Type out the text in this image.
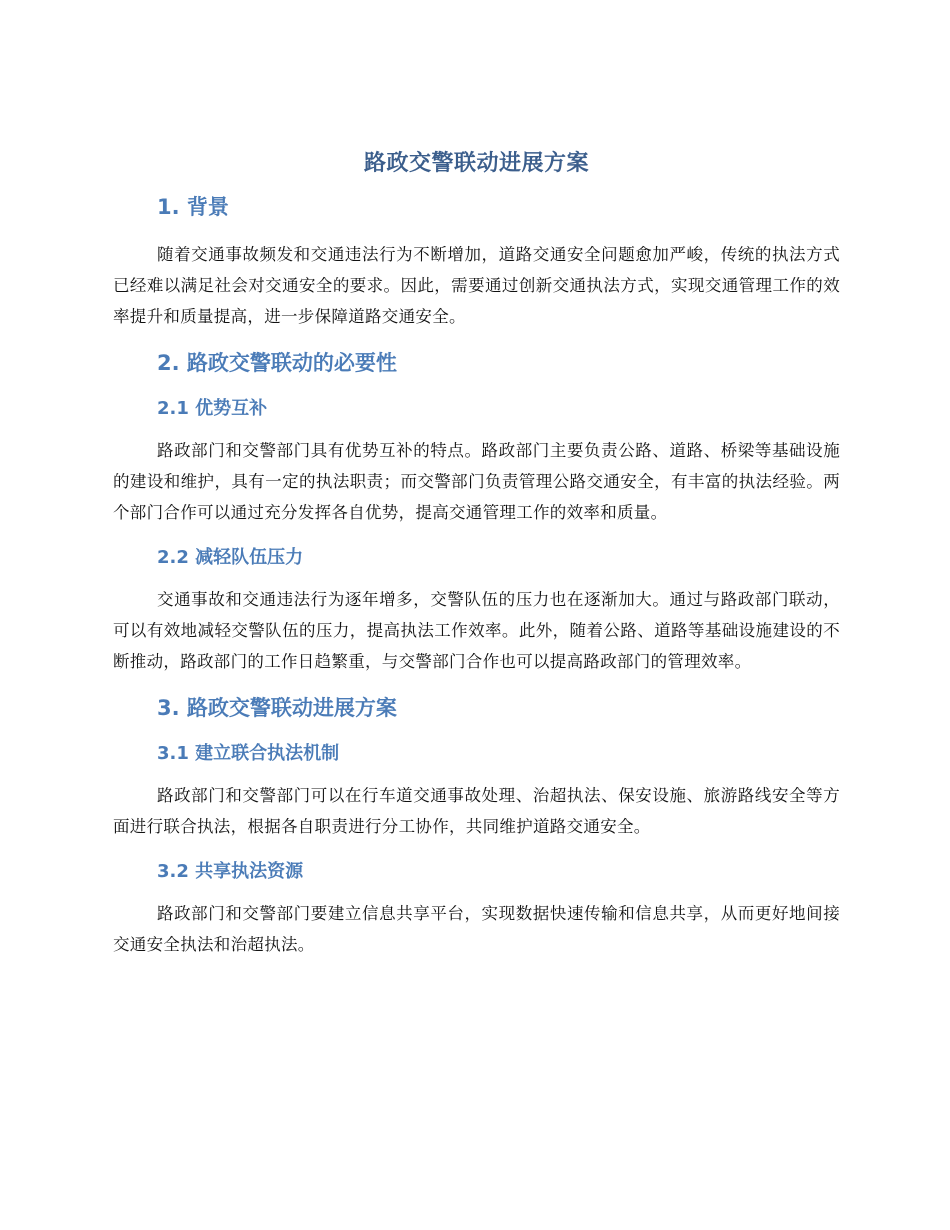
路政交警联动进展方案
1. 背景

随着交通事故频发和交通违法行为不断增加，道路交通安全问题愈加严峻，传统的执法方式已经难以满足社会对交通安全的要求。因此，需要通过创新交通执法方式，实现交通管理工作的效率提升和质量提高，进一步保障道路交通安全。

2. 路政交警联动的必要性
2.1 优势互补

路政部门和交警部门具有优势互补的特点。路政部门主要负责公路、道路、桥梁等基础设施的建设和维护，具有一定的执法职责；而交警部门负责管理公路交通安全，有丰富的执法经验。两个部门合作可以通过充分发挥各自优势，提高交通管理工作的效率和质量。

2.2 减轻队伍压力

交通事故和交通违法行为逐年增多，交警队伍的压力也在逐渐加大。通过与路政部门联动，可以有效地减轻交警队伍的压力，提高执法工作效率。此外，随着公路、道路等基础设施建设的不断推动，路政部门的工作日趋繁重，与交警部门合作也可以提高路政部门的管理效率。

3. 路政交警联动进展方案
3.1 建立联合执法机制

路政部门和交警部门可以在行车道交通事故处理、治超执法、保安设施、旅游路线安全等方面进行联合执法，根据各自职责进行分工协作，共同维护道路交通安全。

3.2 共享执法资源

路政部门和交警部门要建立信息共享平台，实现数据快速传输和信息共享，从而更好地间接交通安全执法和治超执法。
